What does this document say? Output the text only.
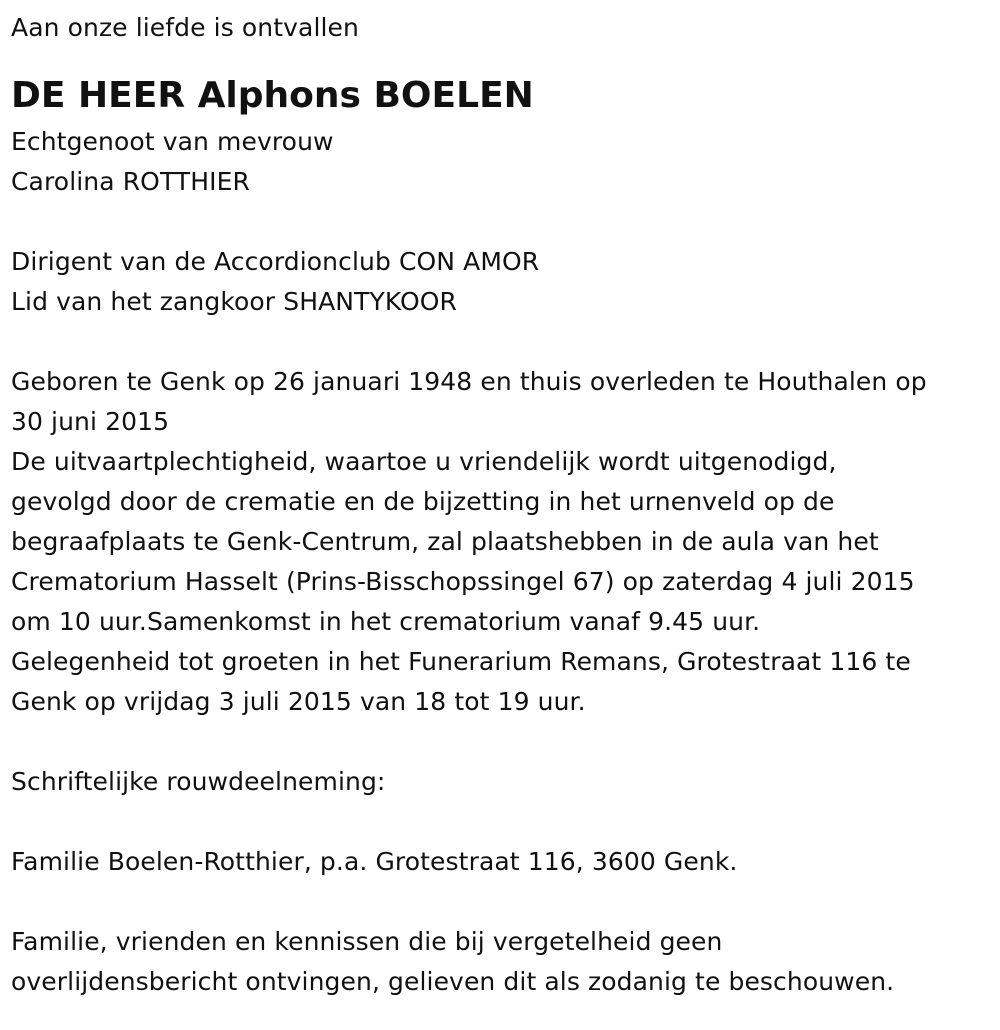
Aan onze liefde is ontvallen

DE HEER Alphons BOELEN

Echtgenoot van mevrouw

Carolina ROTTHIER

Dirigent van de Accordionclub CON AMOR

Lid van het zangkoor SHANTYKOOR

Geboren te Genk op 26 januari 1948 en thuis overleden te Houthalen op

30 juni 2015

De uitvaartplechtigheid, waartoe u vriendelijk wordt uitgenodigd,

gevolgd door de crematie en de bijzetting in het urnenveld op de

begraafplaats te Genk-Centrum, zal plaatshebben in de aula van het

Crematorium Hasselt (Prins-Bisschopssingel 67) op zaterdag 4 juli 2015

om 10 uur.Samenkomst in het crematorium vanaf 9.45 uur.

Gelegenheid tot groeten in het Funerarium Remans, Grotestraat 116 te

Genk op vrijdag 3 juli 2015 van 18 tot 19 uur.

Schriftelijke rouwdeelneming:

Familie Boelen-Rotthier, p.a. Grotestraat 116, 3600 Genk.

Familie, vrienden en kennissen die bij vergetelheid geen

overlijdensbericht ontvingen, gelieven dit als zodanig te beschouwen.
